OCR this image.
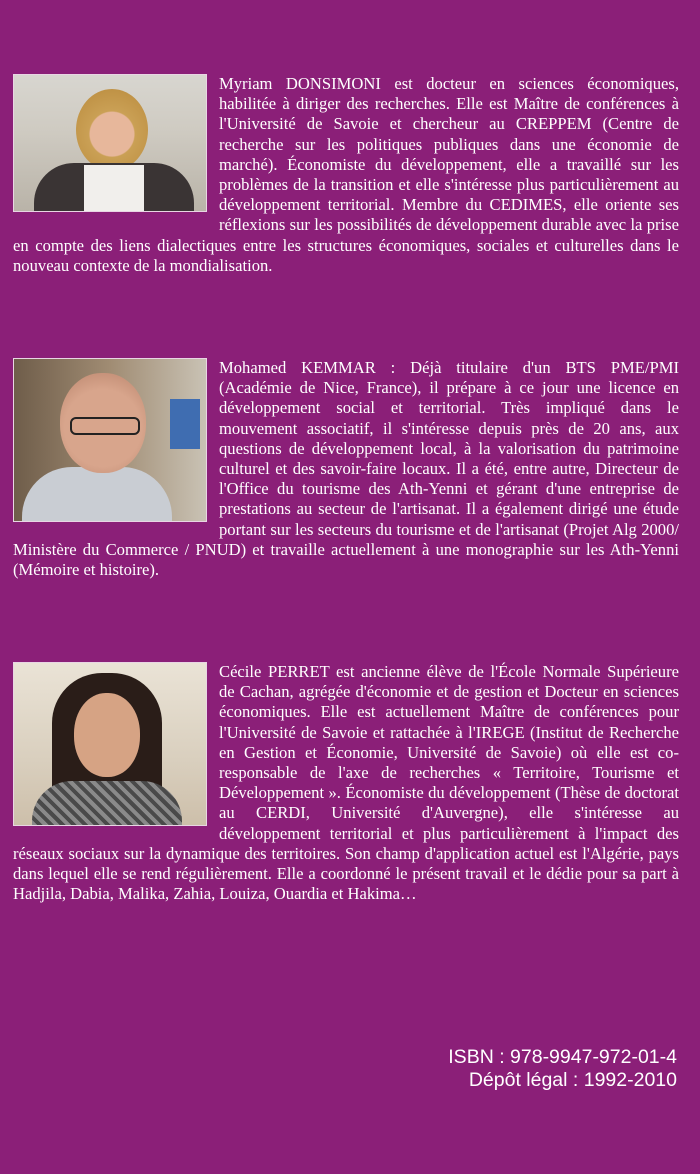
Myriam DONSIMONI est docteur en sciences économiques, habilitée à diriger des recherches. Elle est Maître de conférences à l'Université de Savoie et chercheur au CREPPEM (Centre de recherche sur les politiques publiques dans une économie de marché). Économiste du développement, elle a travaillé sur les problèmes de la transition et elle s'intéresse plus particulièrement au développement territorial. Membre du CEDIMES, elle oriente ses réflexions sur les possibilités de développement durable avec la prise en compte des liens dialectiques entre les structures économiques, sociales et culturelles dans le nouveau contexte de la mondialisation.

Mohamed KEMMAR : Déjà titulaire d'un BTS PME/PMI (Académie de Nice, France), il prépare à ce jour une licence en développement social et territorial. Très impliqué dans le mouvement associatif, il s'intéresse depuis près de 20 ans, aux questions de développement local, à la valorisation du patrimoine culturel et des savoir-faire locaux. Il a été, entre autre, Directeur de l'Office du tourisme des Ath-Yenni et gérant d'une entreprise de prestations au secteur de l'artisanat. Il a également dirigé une étude portant sur les secteurs du tourisme et de l'artisanat (Projet Alg 2000/ Ministère du Commerce / PNUD) et travaille actuellement à une monographie sur les Ath-Yenni (Mémoire et histoire).

Cécile PERRET est ancienne élève de l'École Normale Supérieure de Cachan, agrégée d'économie et de gestion et Docteur en sciences économiques. Elle est actuellement Maître de conférences pour l'Université de Savoie et rattachée à l'IREGE (Institut de Recherche en Gestion et Économie, Université de Savoie) où elle est co-responsable de l'axe de recherches « Territoire, Tourisme et Développement ». Économiste du développement (Thèse de doctorat au CERDI, Université d'Auvergne), elle s'intéresse au développement territorial et plus particulièrement à l'impact des réseaux sociaux sur la dynamique des territoires. Son champ d'application actuel est l'Algérie, pays dans lequel elle se rend régulièrement. Elle a coordonné le présent travail et le dédie pour sa part à Hadjila, Dabia, Malika, Zahia, Louiza, Ouardia et Hakima…

ISBN : 978-9947-972-01-4
Dépôt légal : 1992-2010
